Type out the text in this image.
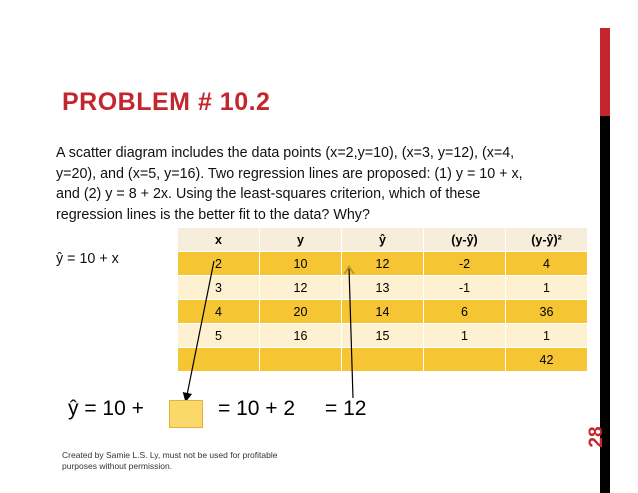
28
PROBLEM # 10.2
A scatter diagram includes the data points (x=2,y=10), (x=3, y=12), (x=4, y=20), and (x=5, y=16). Two regression lines are proposed: (1) y = 10 + x, and (2) y = 8 + 2x. Using the least-squares criterion, which of these regression lines is the better fit to the data? Why?
ŷ = 10 + x
x	y	ŷ	(y-ŷ)	(y-ŷ)²
2	10	12	-2	4
3	12	13	-1	1
4	20	14	6	36
5	16	15	1	1
				42
ŷ = 10 +	= 10 + 2 = 12
Created by Samie L.S. Ly, must not be used for profitable purposes without permission.
